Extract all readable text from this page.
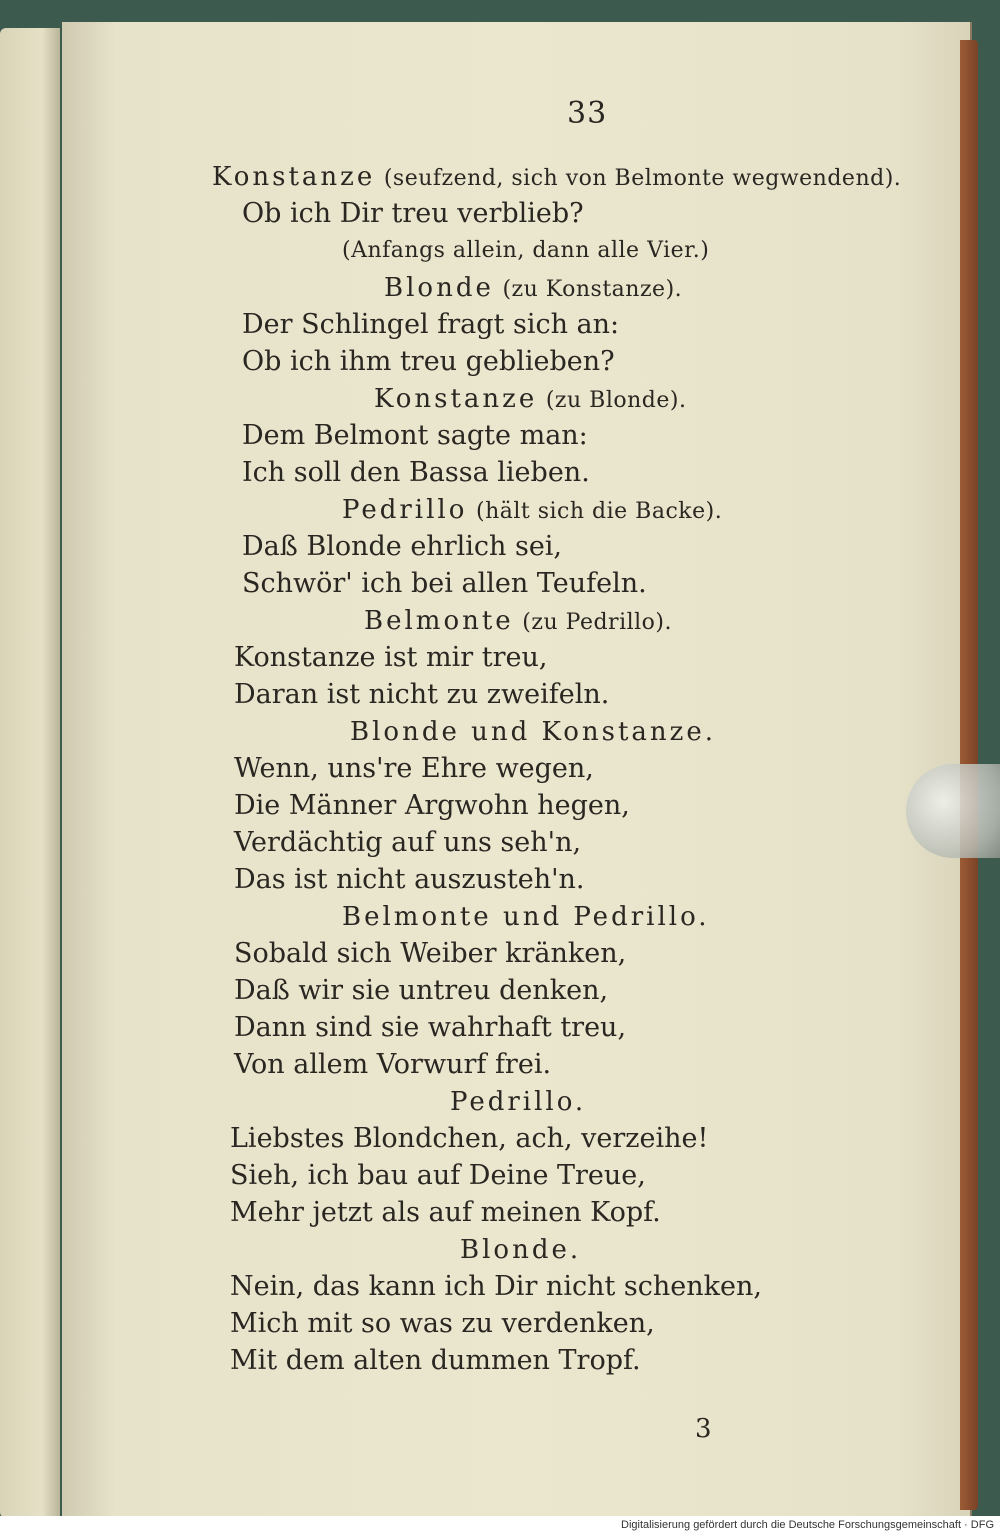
33
Konstanze (seufzend, sich von Belmonte wegwendend).
Ob ich Dir treu verblieb?
(Anfangs allein, dann alle Vier.)
Blonde (zu Konstanze).
Der Schlingel fragt sich an:
Ob ich ihm treu geblieben?
Konstanze (zu Blonde).
Dem Belmont sagte man:
Ich soll den Bassa lieben.
Pedrillo (hält sich die Backe).
Daß Blonde ehrlich sei,
Schwör' ich bei allen Teufeln.
Belmonte (zu Pedrillo).
Konstanze ist mir treu,
Daran ist nicht zu zweifeln.
Blonde und Konstanze.
Wenn, uns're Ehre wegen,
Die Männer Argwohn hegen,
Verdächtig auf uns seh'n,
Das ist nicht auszusteh'n.
Belmonte und Pedrillo.
Sobald sich Weiber kränken,
Daß wir sie untreu denken,
Dann sind sie wahrhaft treu,
Von allem Vorwurf frei.
Pedrillo.
Liebstes Blondchen, ach, verzeihe!
Sieh, ich bau auf Deine Treue,
Mehr jetzt als auf meinen Kopf.
Blonde.
Nein, das kann ich Dir nicht schenken,
Mich mit so was zu verdenken,
Mit dem alten dummen Tropf.
3
Digitalisierung gefördert durch die Deutsche Forschungsgemeinschaft · DFG
